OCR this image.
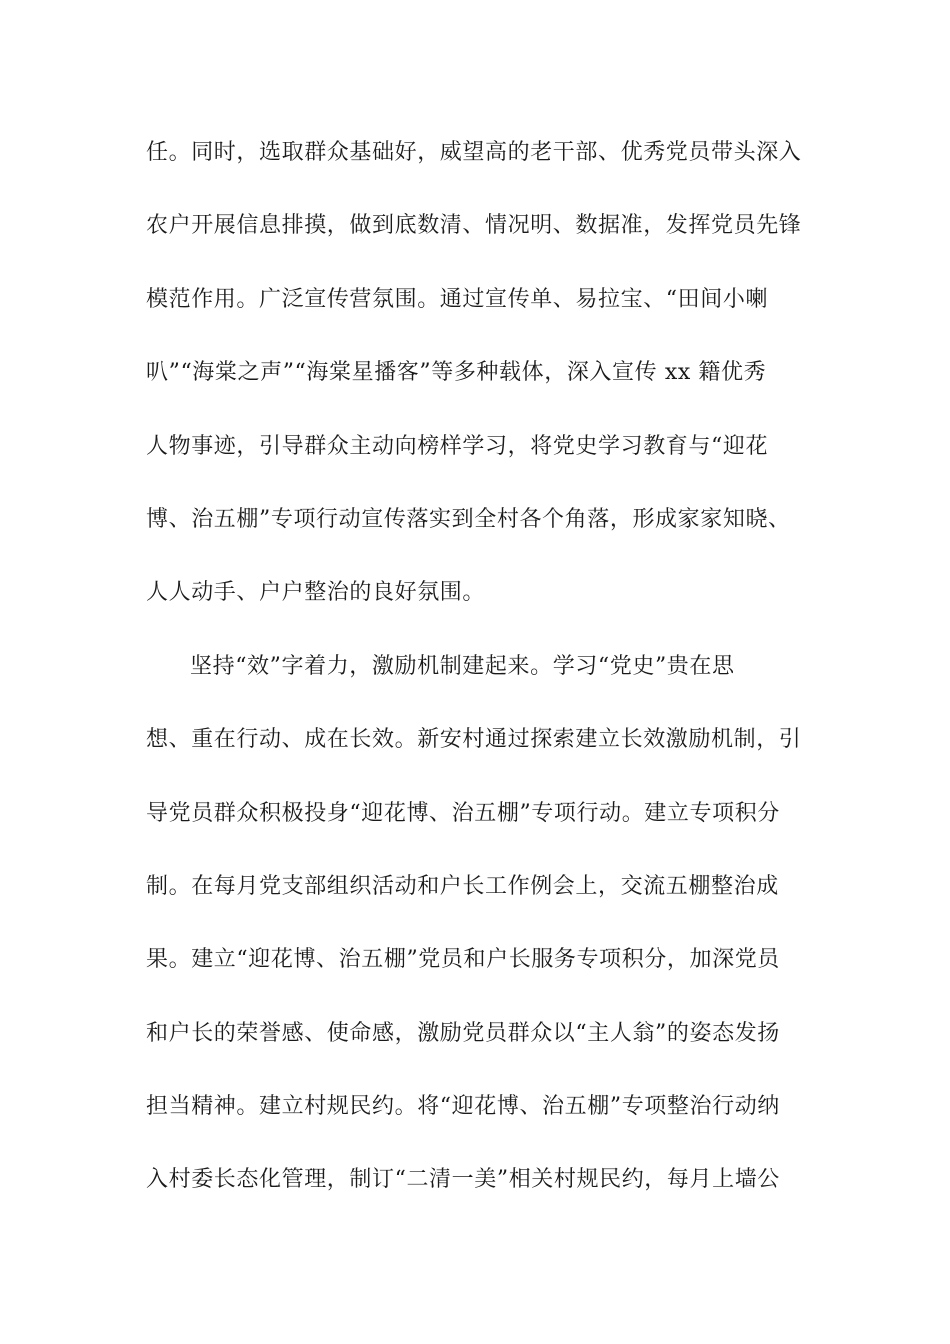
任。同时，选取群众基础好，威望高的老干部、优秀党员带头深入
农户开展信息排摸，做到底数清、情况明、数据准，发挥党员先锋
模范作用。广泛宣传营氛围。通过宣传单、易拉宝、“田间小喇
叭”“海棠之声”“海棠星播客”等多种载体，深入宣传 xx 籍优秀
人物事迹，引导群众主动向榜样学习，将党史学习教育与“迎花
博、治五棚”专项行动宣传落实到全村各个角落，形成家家知晓、
人人动手、户户整治的良好氛围。
坚持“效”字着力，激励机制建起来。学习“党史”贵在思
想、重在行动、成在长效。新安村通过探索建立长效激励机制，引
导党员群众积极投身“迎花博、治五棚”专项行动。建立专项积分
制。在每月党支部组织活动和户长工作例会上，交流五棚整治成
果。建立“迎花博、治五棚”党员和户长服务专项积分，加深党员
和户长的荣誉感、使命感，激励党员群众以“主人翁”的姿态发扬
担当精神。建立村规民约。将“迎花博、治五棚”专项整治行动纳
入村委长态化管理，制订“二清一美”相关村规民约，每月上墙公
